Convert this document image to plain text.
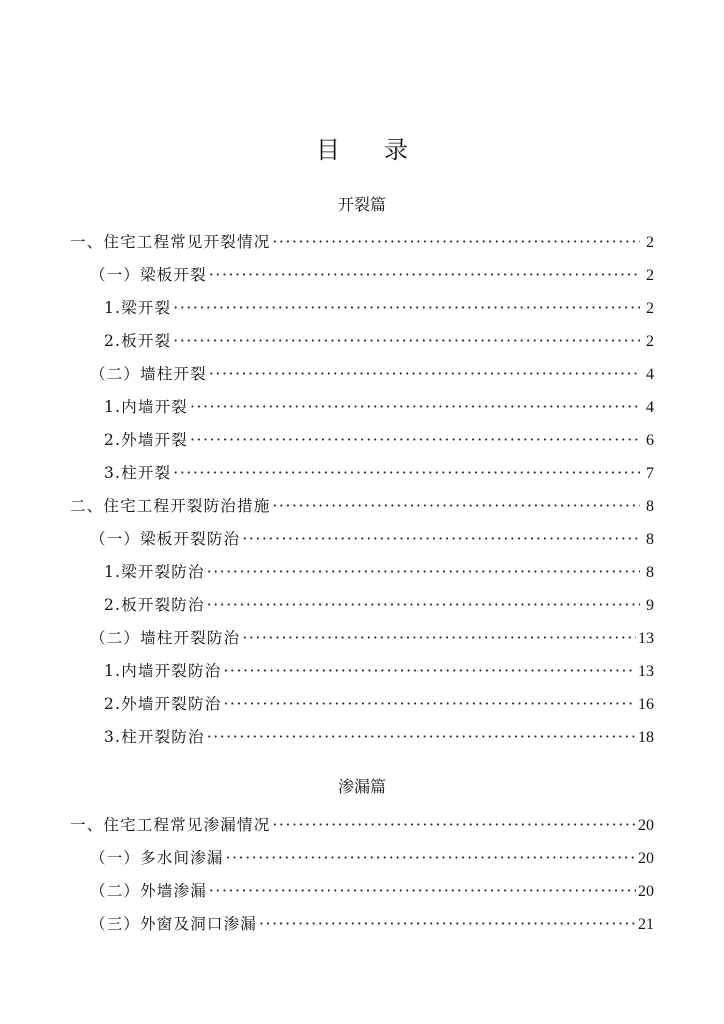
目 录
开裂篇
一、住宅工程常见开裂情况 ·····	2
（一）梁板开裂 ·····	2
1.梁开裂 ·····	2
2.板开裂 ·····	2
（二）墙柱开裂 ·····	4
1.内墙开裂 ·····	4
2.外墙开裂 ·····	6
3.柱开裂 ·····	7
二、住宅工程开裂防治措施 ·····	8
（一）梁板开裂防治 ·····	8
1.梁开裂防治 ·····	8
2.板开裂防治 ·····	9
（二）墙柱开裂防治 ·····	13
1.内墙开裂防治 ·····	13
2.外墙开裂防治 ·····	16
3.柱开裂防治 ·····	18
渗漏篇
一、住宅工程常见渗漏情况 ·····	20
（一）多水间渗漏 ·····	20
（二）外墙渗漏 ·····	20
（三）外窗及洞口渗漏 ·····	21
